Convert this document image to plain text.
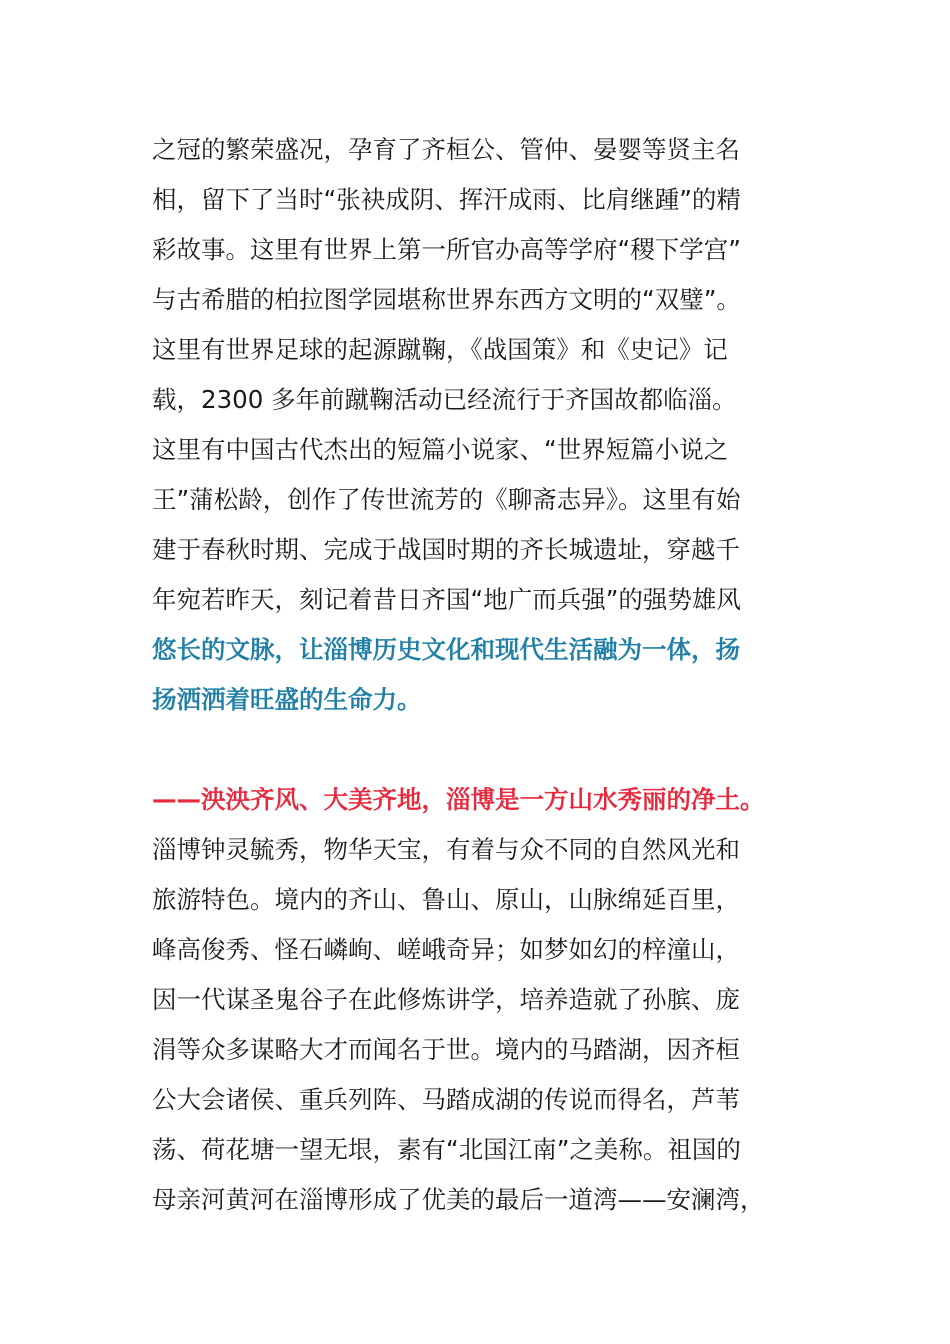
之冠的繁荣盛况，孕育了齐桓公、管仲、晏婴等贤主名
相，留下了当时“张袂成阴、挥汗成雨、比肩继踵”的精
彩故事。这里有世界上第一所官办高等学府“稷下学宫”
与古希腊的柏拉图学园堪称世界东西方文明的“双璧”。
这里有世界足球的起源蹴鞠，《战国策》和《史记》记
载，2300 多年前蹴鞠活动已经流行于齐国故都临淄。
这里有中国古代杰出的短篇小说家、“世界短篇小说之
王”蒲松龄，创作了传世流芳的《聊斋志异》。这里有始
建于春秋时期、完成于战国时期的齐长城遗址，穿越千
年宛若昨天，刻记着昔日齐国“地广而兵强”的强势雄风
悠长的文脉，让淄博历史文化和现代生活融为一体，扬
扬洒洒着旺盛的生命力。
——泱泱齐风、大美齐地，淄博是一方山水秀丽的净土。
淄博钟灵毓秀，物华天宝，有着与众不同的自然风光和
旅游特色。境内的齐山、鲁山、原山，山脉绵延百里，
峰高俊秀、怪石嶙峋、嵯峨奇异；如梦如幻的梓潼山，
因一代谋圣鬼谷子在此修炼讲学，培养造就了孙膑、庞
涓等众多谋略大才而闻名于世。境内的马踏湖，因齐桓
公大会诸侯、重兵列阵、马踏成湖的传说而得名，芦苇
荡、荷花塘一望无垠，素有“北国江南”之美称。祖国的
母亲河黄河在淄博形成了优美的最后一道湾——安澜湾，
